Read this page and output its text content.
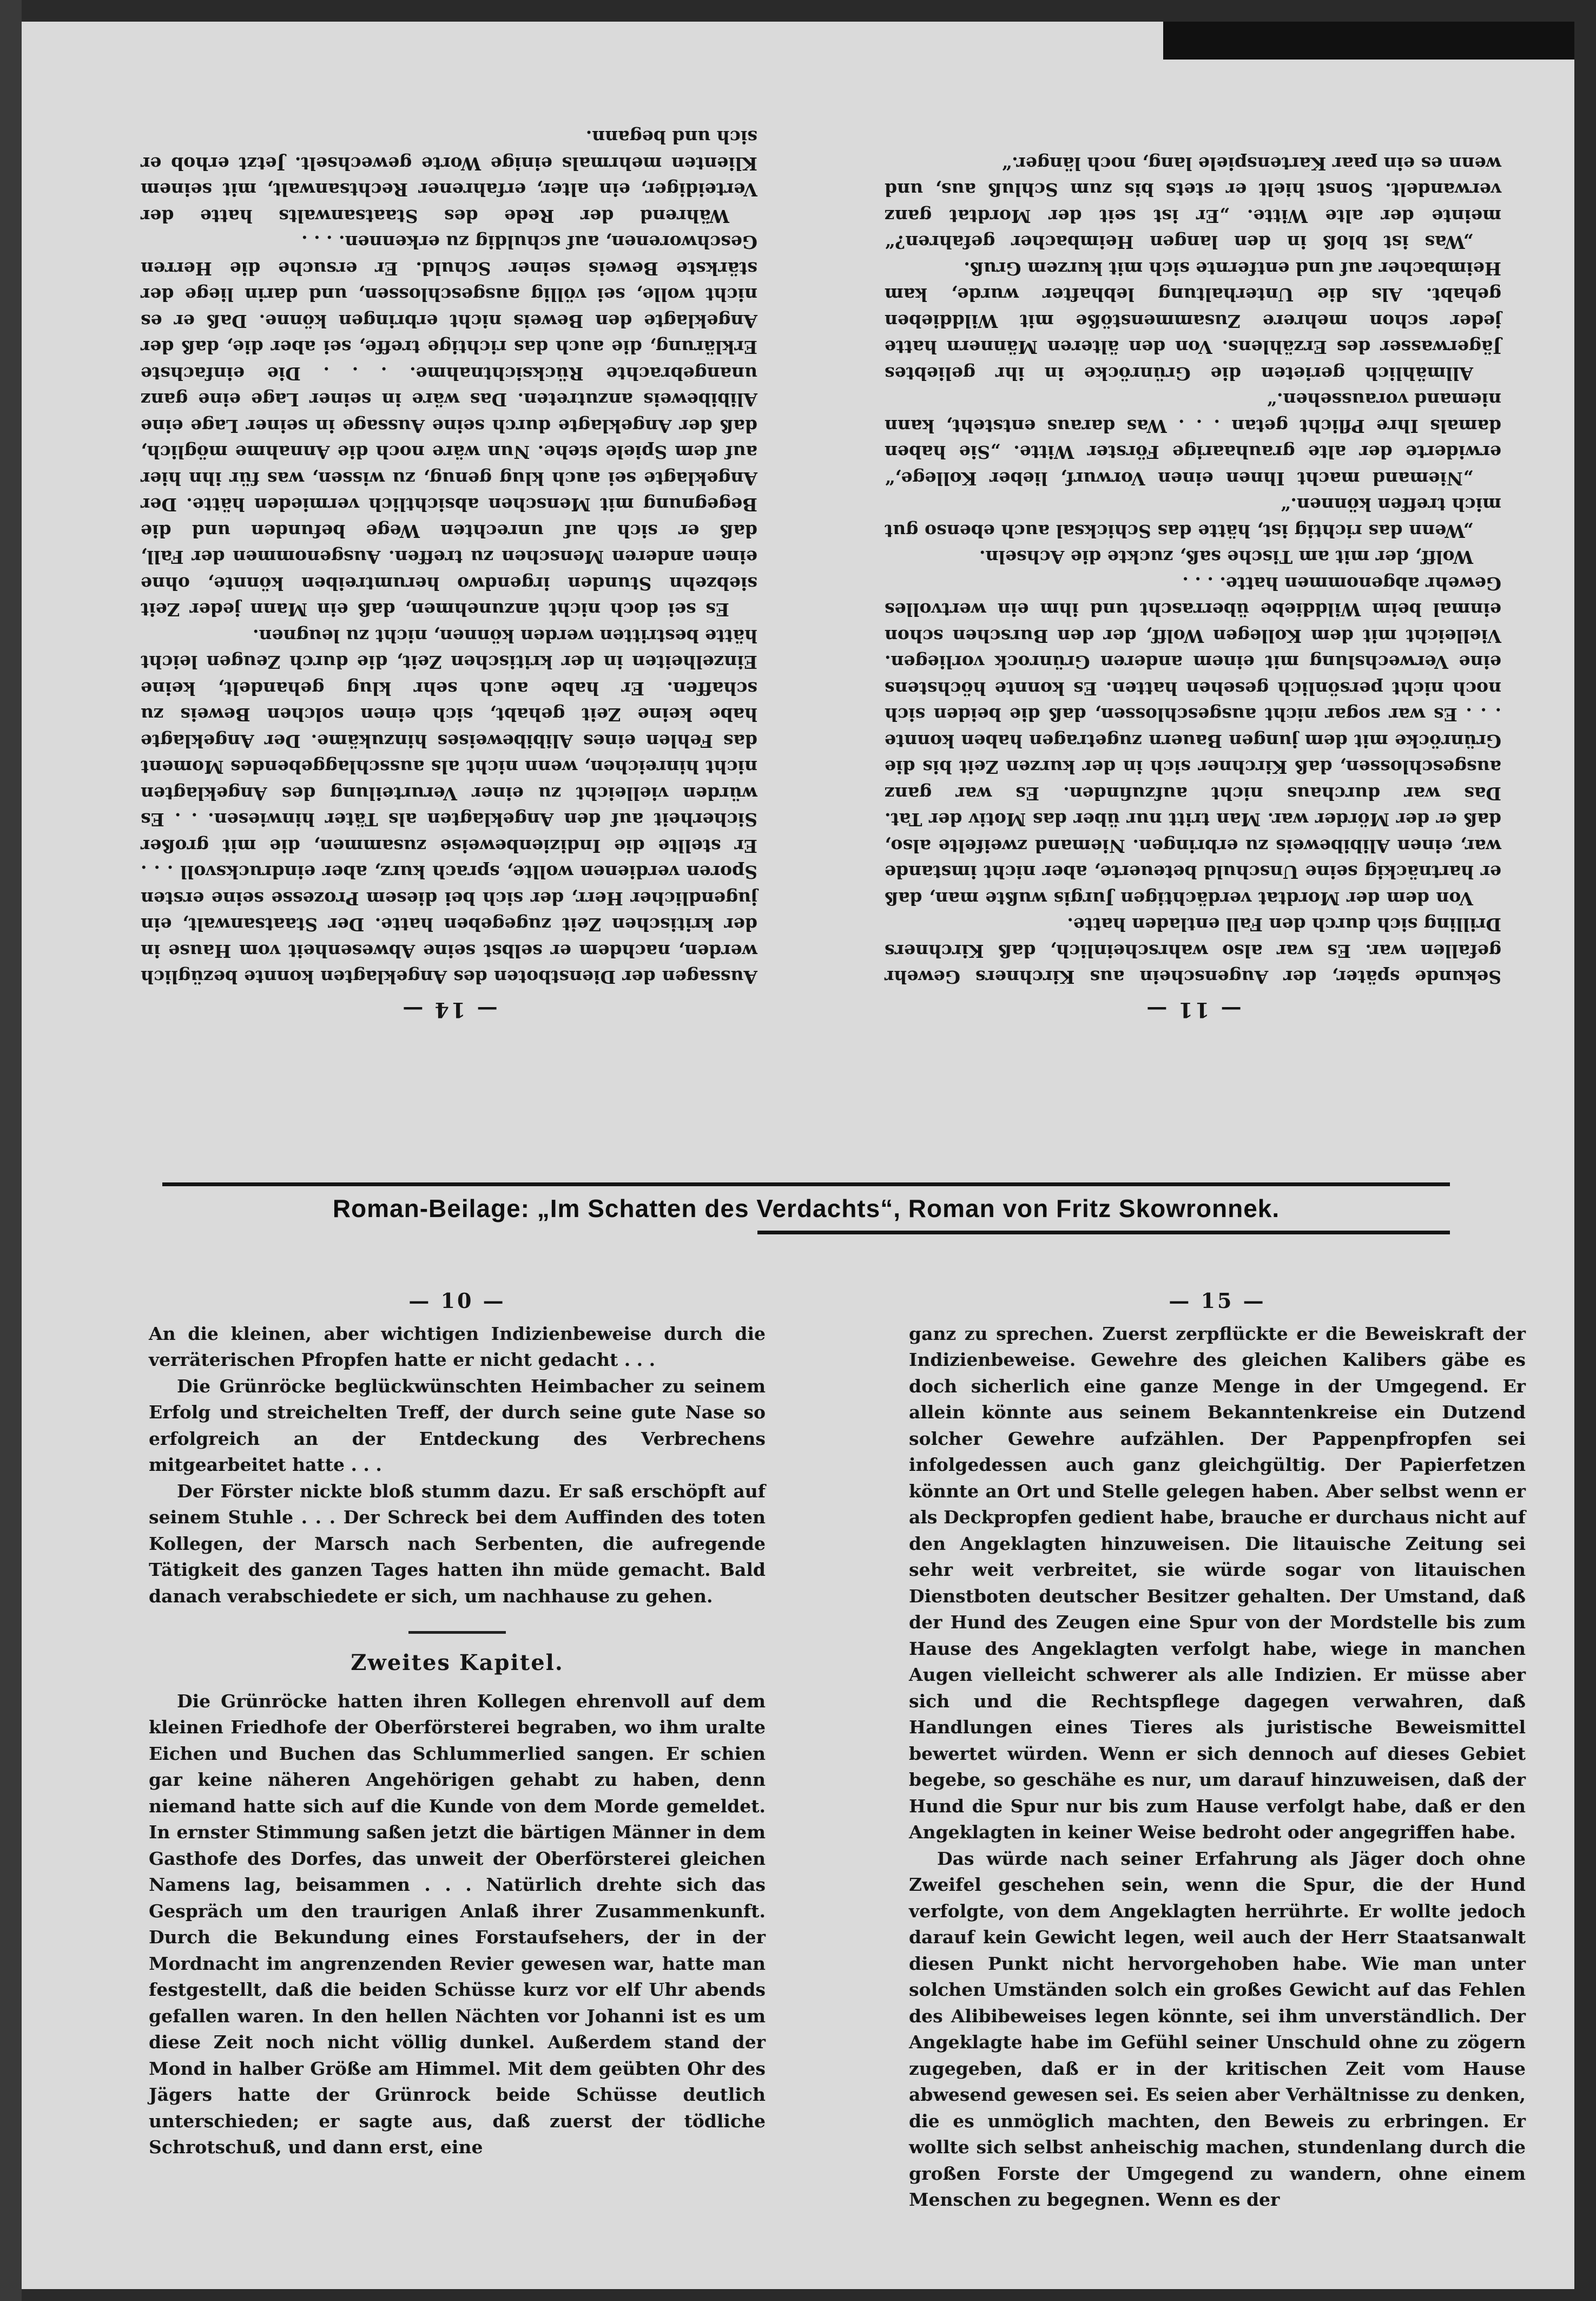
— 11 —

Sekunde später, der Augenschein aus Kirchners Gewehr gefallen war. Es war also wahrscheinlich, daß Kirchners Drilling sich durch den Fall entladen hatte.

Von dem der Mordtat verdächtigen Jurgis wußte man, daß er hartnäckig seine Unschuld beteuerte, aber nicht imstande war, einen Alibibeweis zu erbringen. Niemand zweifelte also, daß er der Mörder war. Man tritt nur über das Motiv der Tat. Das war durchaus nicht aufzufinden. Es war ganz ausgeschlossen, daß Kirchner sich in der kurzen Zeit bis die Grünröcke mit dem jungen Bauern zugetragen haben konnte . . . Es war sogar nicht ausgeschlossen, daß die beiden sich noch nicht persönlich gesehen hatten. Es konnte höchstens eine Verwechslung mit einem anderen Grünrock vorliegen. Vielleicht mit dem Kollegen Wolff, der den Burschen schon einmal beim Wilddiebe überrascht und ihm ein wertvolles Gewehr abgenommen hatte. . . .

Wolff, der mit am Tische saß, zuckte die Achseln.

„Wenn das richtig ist, hätte das Schicksal auch ebenso gut mich treffen können.“

„Niemand macht Ihnen einen Vorwurf, lieber Kollege,“ erwiderte der alte grauhaarige Förster Witte. „Sie haben damals Ihre Pflicht getan . . . Was daraus entsteht, kann niemand voraussehen.“

Allmählich gerieten die Grünröcke in ihr geliebtes Jägerwasser des Erzählens. Von den älteren Männern hatte jeder schon mehrere Zusammenstöße mit Wilddieben gehabt. Als die Unterhaltung lebhafter wurde, kam Heimbacher auf und entfernte sich mit kurzem Gruß.

„Was ist bloß in den langen Heimbacher gefahren?“ meinte der alte Witte. „Er ist seit der Mordtat ganz verwandelt. Sonst hielt er stets bis zum Schluß aus, und wenn es ein paar Kartenspiele lang, noch länger.“

— 14 —

Aussagen der Dienstboten des Angeklagten konnte bezüglich werden, nachdem er selbst seine Abwesenheit vom Hause in der kritischen Zeit zugegeben hatte. Der Staatsanwalt, ein jugendlicher Herr, der sich bei diesem Prozesse seine ersten Sporen verdienen wollte, sprach kurz, aber eindrucksvoll . . . Er stellte die Indizienbeweise zusammen, die mit großer Sicherheit auf den Angeklagten als Täter hinwiesen. . . Es würden vielleicht zu einer Verurteilung des Angeklagten nicht hinreichen, wenn nicht als ausschlaggebendes Moment das Fehlen eines Alibibeweises hinzukäme. Der Angeklagte habe keine Zeit gehabt, sich einen solchen Beweis zu schaffen. Er habe auch sehr klug gehandelt, keine Einzelheiten in der kritischen Zeit, die durch Zeugen leicht hätte bestritten werden können, nicht zu leugnen.

Es sei doch nicht anzunehmen, daß ein Mann jeder Zeit siebzehn Stunden irgendwo herumtreiben könnte, ohne einen anderen Menschen zu treffen. Ausgenommen der Fall, daß er sich auf unrechten Wege befunden und die Begegnung mit Menschen absichtlich vermieden hätte. Der Angeklagte sei auch klug genug, zu wissen, was für ihn hier auf dem Spiele stehe. Nun wäre noch die Annahme möglich, daß der Angeklagte durch seine Aussage in seiner Lage eine Alibibeweis anzutreten. Das wäre in seiner Lage eine ganz unangebrachte Rücksichtnahme. . . . Die einfachste Erklärung, die auch das richtige treffe, sei aber die, daß der Angeklagte den Beweis nicht erbringen könne. Daß er es nicht wolle, sei völlig ausgeschlossen, und darin liege der stärkste Beweis seiner Schuld. Er ersuche die Herren Geschworenen, auf schuldig zu erkennen. . . .

Während der Rede des Staatsanwalts hatte der Verteidiger, ein alter, erfahrener Rechtsanwalt, mit seinem Klienten mehrmals einige Worte gewechselt. Jetzt erhob er sich und begann.

— 10 —

An die kleinen, aber wichtigen Indizienbeweise durch die verräterischen Pfropfen hatte er nicht gedacht . . .

Die Grünröcke beglückwünschten Heimbacher zu seinem Erfolg und streichelten Treff, der durch seine gute Nase so erfolgreich an der Entdeckung des Verbrechens mitgearbeitet hatte . . .

Der Förster nickte bloß stumm dazu. Er saß erschöpft auf seinem Stuhle . . . Der Schreck bei dem Auffinden des toten Kollegen, der Marsch nach Serbenten, die aufregende Tätigkeit des ganzen Tages hatten ihn müde gemacht. Bald danach verabschiedete er sich, um nachhause zu gehen.

Zweites Kapitel.

Die Grünröcke hatten ihren Kollegen ehrenvoll auf dem kleinen Friedhofe der Oberförsterei begraben, wo ihm uralte Eichen und Buchen das Schlummerlied sangen. Er schien gar keine näheren Angehörigen gehabt zu haben, denn niemand hatte sich auf die Kunde von dem Morde gemeldet. In ernster Stimmung saßen jetzt die bärtigen Männer in dem Gasthofe des Dorfes, das unweit der Oberförsterei gleichen Namens lag, beisammen . . . Natürlich drehte sich das Gespräch um den traurigen Anlaß ihrer Zusammenkunft. Durch die Bekundung eines Forstaufsehers, der in der Mordnacht im angrenzenden Revier gewesen war, hatte man festgestellt, daß die beiden Schüsse kurz vor elf Uhr abends gefallen waren. In den hellen Nächten vor Johanni ist es um diese Zeit noch nicht völlig dunkel. Außerdem stand der Mond in halber Größe am Himmel. Mit dem geübten Ohr des Jägers hatte der Grünrock beide Schüsse deutlich unterschieden; er sagte aus, daß zuerst der tödliche Schrotschuß, und dann erst, eine

— 15 —

ganz zu sprechen. Zuerst zerpflückte er die Beweiskraft der Indizienbeweise. Gewehre des gleichen Kalibers gäbe es doch sicherlich eine ganze Menge in der Umgegend. Er allein könnte aus seinem Bekanntenkreise ein Dutzend solcher Gewehre aufzählen. Der Pappenpfropfen sei infolgedessen auch ganz gleichgültig. Der Papierfetzen könnte an Ort und Stelle gelegen haben. Aber selbst wenn er als Deckpropfen gedient habe, brauche er durchaus nicht auf den Angeklagten hinzuweisen. Die litauische Zeitung sei sehr weit verbreitet, sie würde sogar von litauischen Dienstboten deutscher Besitzer gehalten. Der Umstand, daß der Hund des Zeugen eine Spur von der Mordstelle bis zum Hause des Angeklagten verfolgt habe, wiege in manchen Augen vielleicht schwerer als alle Indizien. Er müsse aber sich und die Rechtspflege dagegen verwahren, daß Handlungen eines Tieres als juristische Beweismittel bewertet würden. Wenn er sich dennoch auf dieses Gebiet begebe, so geschähe es nur, um darauf hinzuweisen, daß der Hund die Spur nur bis zum Hause verfolgt habe, daß er den Angeklagten in keiner Weise bedroht oder angegriffen habe.

Das würde nach seiner Erfahrung als Jäger doch ohne Zweifel geschehen sein, wenn die Spur, die der Hund verfolgte, von dem Angeklagten herrührte. Er wollte jedoch darauf kein Gewicht legen, weil auch der Herr Staatsanwalt diesen Punkt nicht hervorgehoben habe. Wie man unter solchen Umständen solch ein großes Gewicht auf das Fehlen des Alibibeweises legen könnte, sei ihm unverständlich. Der Angeklagte habe im Gefühl seiner Unschuld ohne zu zögern zugegeben, daß er in der kritischen Zeit vom Hause abwesend gewesen sei. Es seien aber Verhältnisse zu denken, die es unmöglich machten, den Beweis zu erbringen. Er wollte sich selbst anheischig machen, stundenlang durch die großen Forste der Umgegend zu wandern, ohne einem Menschen zu begegnen. Wenn es der

Roman-Beilage: „Im Schatten des Verdachts“, Roman von Fritz Skowronnek.
